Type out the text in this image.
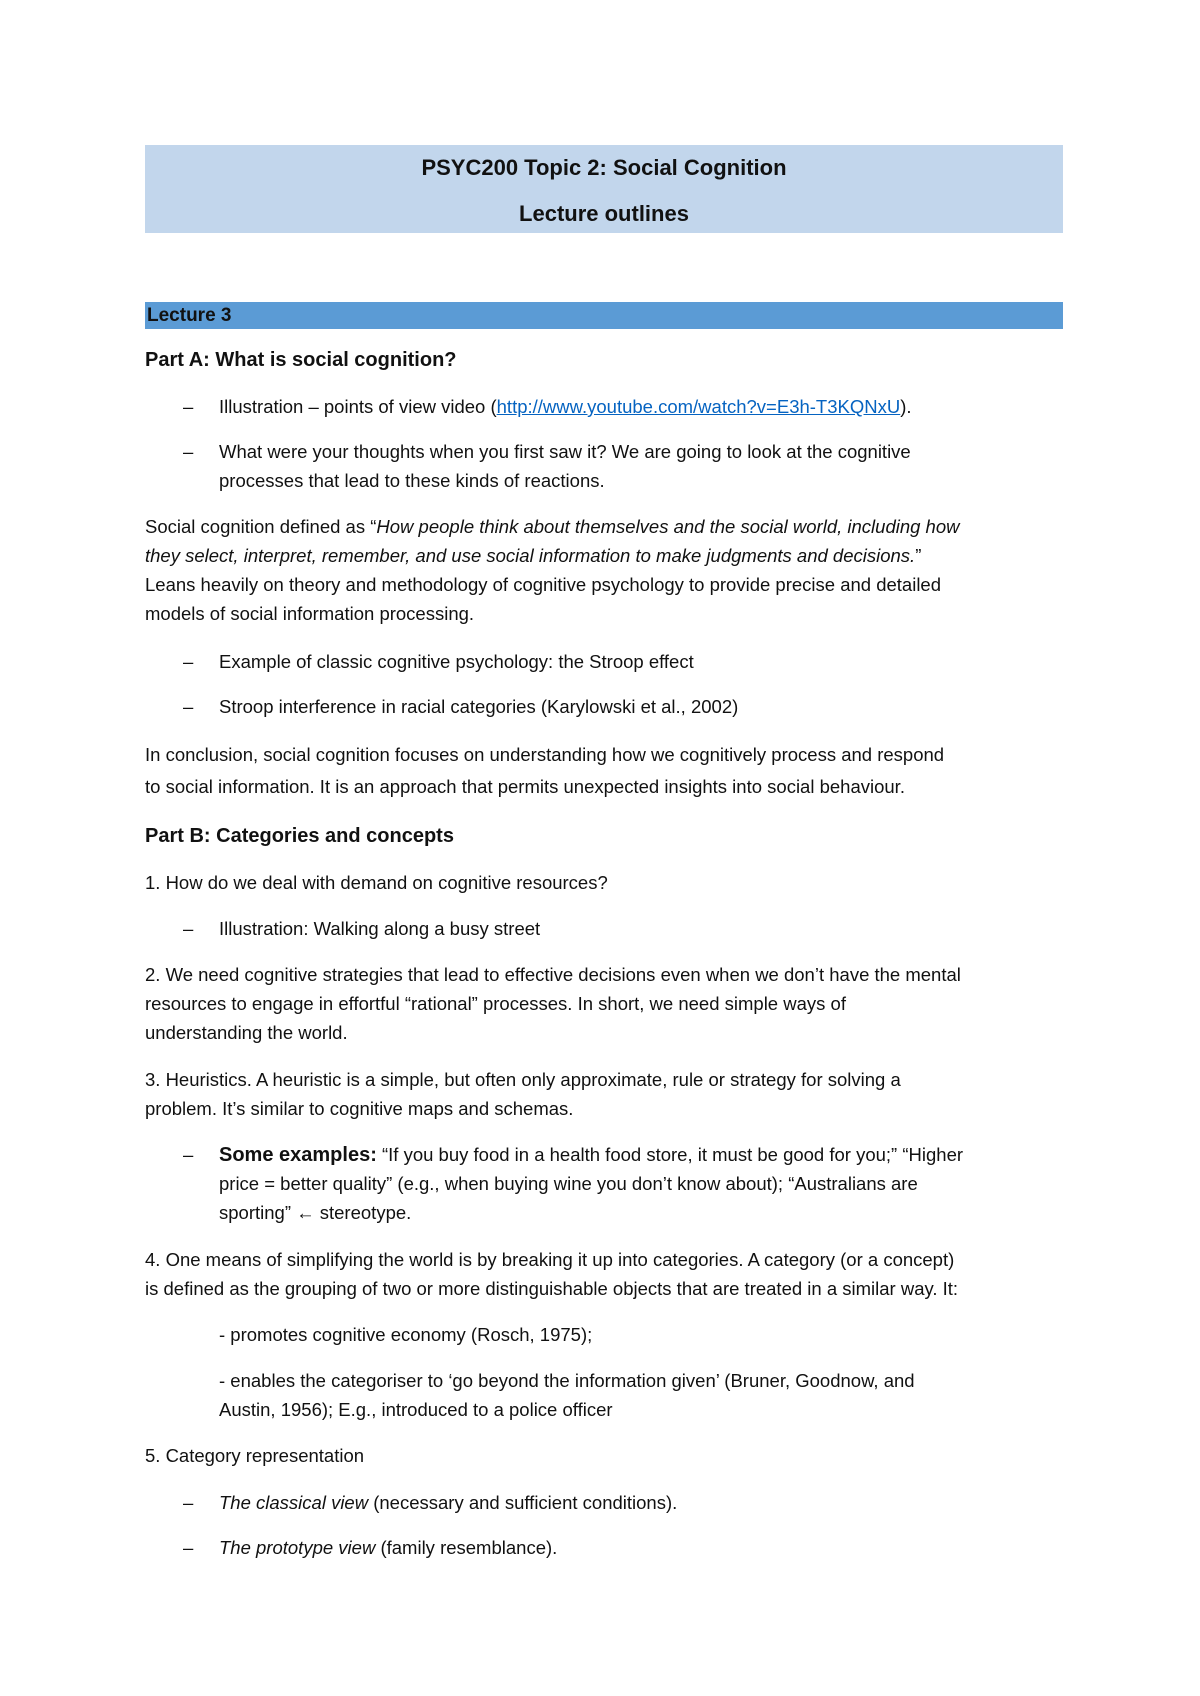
PSYC200 Topic 2: Social Cognition
Lecture outlines
Lecture 3
Part A: What is social cognition?
– Illustration – points of view video (http://www.youtube.com/watch?v=E3h-T3KQNxU).
– What were your thoughts when you first saw it? We are going to look at the cognitive
processes that lead to these kinds of reactions.
Social cognition defined as “How people think about themselves and the social world, including how
they select, interpret, remember, and use social information to make judgments and decisions.”
Leans heavily on theory and methodology of cognitive psychology to provide precise and detailed
models of social information processing.
– Example of classic cognitive psychology: the Stroop effect
– Stroop interference in racial categories (Karylowski et al., 2002)
In conclusion, social cognition focuses on understanding how we cognitively process and respond
to social information. It is an approach that permits unexpected insights into social behaviour.
Part B: Categories and concepts
1. How do we deal with demand on cognitive resources?
– Illustration: Walking along a busy street
2. We need cognitive strategies that lead to effective decisions even when we don’t have the mental
resources to engage in effortful “rational” processes. In short, we need simple ways of
understanding the world.
3. Heuristics. A heuristic is a simple, but often only approximate, rule or strategy for solving a
problem. It’s similar to cognitive maps and schemas.
– Some examples: “If you buy food in a health food store, it must be good for you;” “Higher
price = better quality” (e.g., when buying wine you don’t know about); “Australians are
sporting” ← stereotype.
4. One means of simplifying the world is by breaking it up into categories. A category (or a concept)
is defined as the grouping of two or more distinguishable objects that are treated in a similar way. It:
- promotes cognitive economy (Rosch, 1975);
- enables the categoriser to ‘go beyond the information given’ (Bruner, Goodnow, and
Austin, 1956); E.g., introduced to a police officer
5. Category representation
– The classical view (necessary and sufficient conditions).
– The prototype view (family resemblance).
